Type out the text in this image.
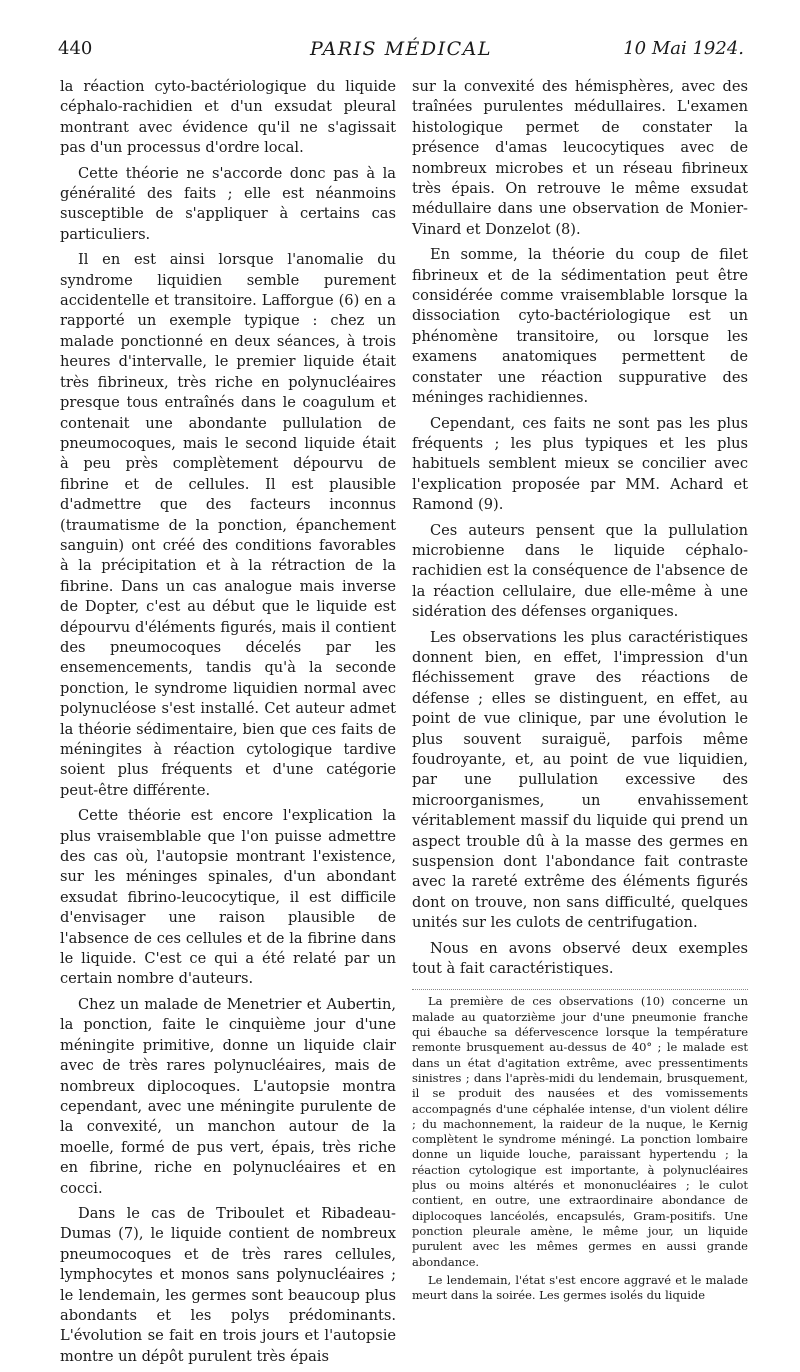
440	PARIS MÉDICAL	10 Mai 1924.

la réaction cyto-bactériologique du liquide céphalo-rachidien et d'un exsudat pleural montrant avec évidence qu'il ne s'agissait pas d'un processus d'ordre local.

Cette théorie ne s'accorde donc pas à la généralité des faits ; elle est néanmoins susceptible de s'appliquer à certains cas particuliers.

Il en est ainsi lorsque l'anomalie du syndrome liquidien semble purement accidentelle et transitoire. Lafforgue (6) en a rapporté un exemple typique : chez un malade ponctionné en deux séances, à trois heures d'intervalle, le premier liquide était très fibrineux, très riche en polynucléaires presque tous entraînés dans le coagulum et contenait une abondante pullulation de pneumocoques, mais le second liquide était à peu près complètement dépourvu de fibrine et de cellules. Il est plausible d'admettre que des facteurs inconnus (traumatisme de la ponction, épanchement sanguin) ont créé des conditions favorables à la précipitation et à la rétraction de la fibrine. Dans un cas analogue mais inverse de Dopter, c'est au début que le liquide est dépourvu d'éléments figurés, mais il contient des pneumocoques décelés par les ensemencements, tandis qu'à la seconde ponction, le syndrome liquidien normal avec polynucléose s'est installé. Cet auteur admet la théorie sédimentaire, bien que ces faits de méningites à réaction cytologique tardive soient plus fréquents et d'une catégorie peut-être différente.

Cette théorie est encore l'explication la plus vraisemblable que l'on puisse admettre des cas où, l'autopsie montrant l'existence, sur les méninges spinales, d'un abondant exsudat fibrino-leucocytique, il est difficile d'envisager une raison plausible de l'absence de ces cellules et de la fibrine dans le liquide. C'est ce qui a été relaté par un certain nombre d'auteurs.

Chez un malade de Menetrier et Aubertin, la ponction, faite le cinquième jour d'une méningite primitive, donne un liquide clair avec de très rares polynucléaires, mais de nombreux diplocoques. L'autopsie montra cependant, avec une méningite purulente de la convexité, un manchon autour de la moelle, formé de pus vert, épais, très riche en fibrine, riche en polynucléaires et en cocci.

Dans le cas de Triboulet et Ribadeau-Dumas (7), le liquide contient de nombreux pneumocoques et de très rares cellules, lymphocytes et monos sans polynucléaires ; le lendemain, les germes sont beaucoup plus abondants et les polys prédominants. L'évolution se fait en trois jours et l'autopsie montre un dépôt purulent très épais

sur la convexité des hémisphères, avec des traînées purulentes médullaires. L'examen histologique permet de constater la présence d'amas leucocytiques avec de nombreux microbes et un réseau fibrineux très épais. On retrouve le même exsudat médullaire dans une observation de Monier-Vinard et Donzelot (8).

En somme, la théorie du coup de filet fibrineux et de la sédimentation peut être considérée comme vraisemblable lorsque la dissociation cyto-bactériologique est un phénomène transitoire, ou lorsque les examens anatomiques permettent de constater une réaction suppurative des méninges rachidiennes.

Cependant, ces faits ne sont pas les plus fréquents ; les plus typiques et les plus habituels semblent mieux se concilier avec l'explication proposée par MM. Achard et Ramond (9).

Ces auteurs pensent que la pullulation microbienne dans le liquide céphalo-rachidien est la conséquence de l'absence de la réaction cellulaire, due elle-même à une sidération des défenses organiques.

Les observations les plus caractéristiques donnent bien, en effet, l'impression d'un fléchissement grave des réactions de défense ; elles se distinguent, en effet, au point de vue clinique, par une évolution le plus souvent suraiguë, parfois même foudroyante, et, au point de vue liquidien, par une pullulation excessive des microorganismes, un envahissement véritablement massif du liquide qui prend un aspect trouble dû à la masse des germes en suspension dont l'abondance fait contraste avec la rareté extrême des éléments figurés dont on trouve, non sans difficulté, quelques unités sur les culots de centrifugation.

Nous en avons observé deux exemples tout à fait caractéristiques.

La première de ces observations (10) concerne un malade au quatorzième jour d'une pneumonie franche qui ébauche sa défervescence lorsque la température remonte brusquement au-dessus de 40° ; le malade est dans un état d'agitation extrême, avec pressentiments sinistres ; dans l'après-midi du lendemain, brusquement, il se produit des nausées et des vomissements accompagnés d'une céphalée intense, d'un violent délire ; du machonnement, la raideur de la nuque, le Kernig complètent le syndrome méningé. La ponction lombaire donne un liquide louche, paraissant hypertendu ; la réaction cytologique est importante, à polynucléaires plus ou moins altérés et mononucléaires ; le culot contient, en outre, une extraordinaire abondance de diplocoques lancéolés, encapsulés, Gram-positifs. Une ponction pleurale amène, le même jour, un liquide purulent avec les mêmes germes en aussi grande abondance.

Le lendemain, l'état s'est encore aggravé et le malade meurt dans la soirée. Les germes isolés du liquide
